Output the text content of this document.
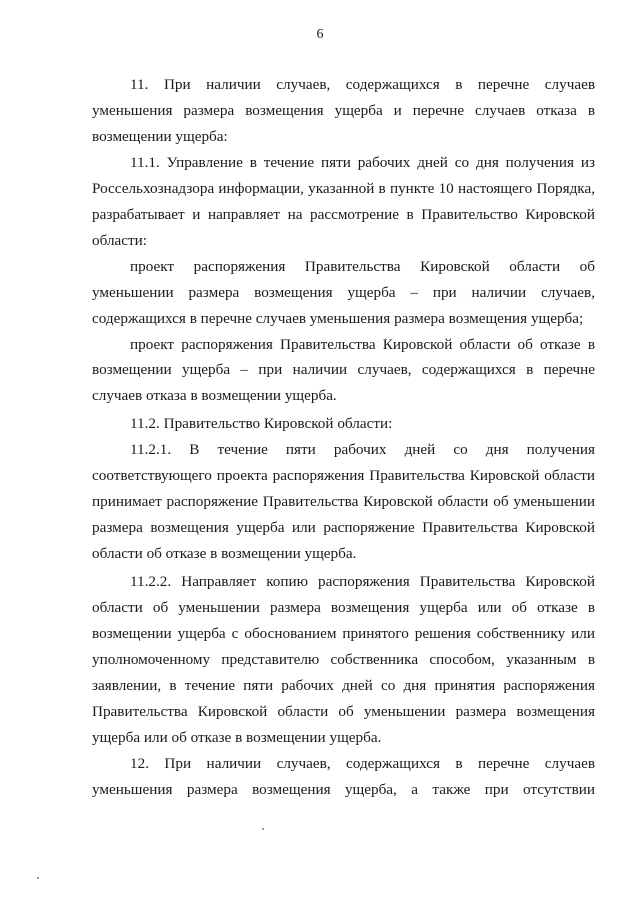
6

11. При наличии случаев, содержащихся в перечне случаев уменьшения размера возмещения ущерба и перечне случаев отказа в возмещении ущерба:

11.1. Управление в течение пяти рабочих дней со дня получения из Россельхознадзора информации, указанной в пункте 10 настоящего Порядка, разрабатывает и направляет на рассмотрение в Правительство Кировской области:

проект распоряжения Правительства Кировской области об уменьшении размера возмещения ущерба – при наличии случаев, содержащихся в перечне случаев уменьшения размера возмещения ущерба;

проект распоряжения Правительства Кировской области об отказе в возмещении ущерба – при наличии случаев, содержащихся в перечне случаев отказа в возмещении ущерба.

11.2. Правительство Кировской области:

11.2.1. В течение пяти рабочих дней со дня получения соответствующего проекта распоряжения Правительства Кировской области принимает распоряжение Правительства Кировской области об уменьшении размера возмещения ущерба или распоряжение Правительства Кировской области об отказе в возмещении ущерба.

11.2.2. Направляет копию распоряжения Правительства Кировской области об уменьшении размера возмещения ущерба или об отказе в возмещении ущерба с обоснованием принятого решения собственнику или уполномоченному представителю собственника способом, указанным в заявлении, в течение пяти рабочих дней со дня принятия распоряжения Правительства Кировской области об уменьшении размера возмещения ущерба или об отказе в возмещении ущерба.

12. При наличии случаев, содержащихся в перечне случаев уменьшения размера возмещения ущерба, а также при отсутствии
